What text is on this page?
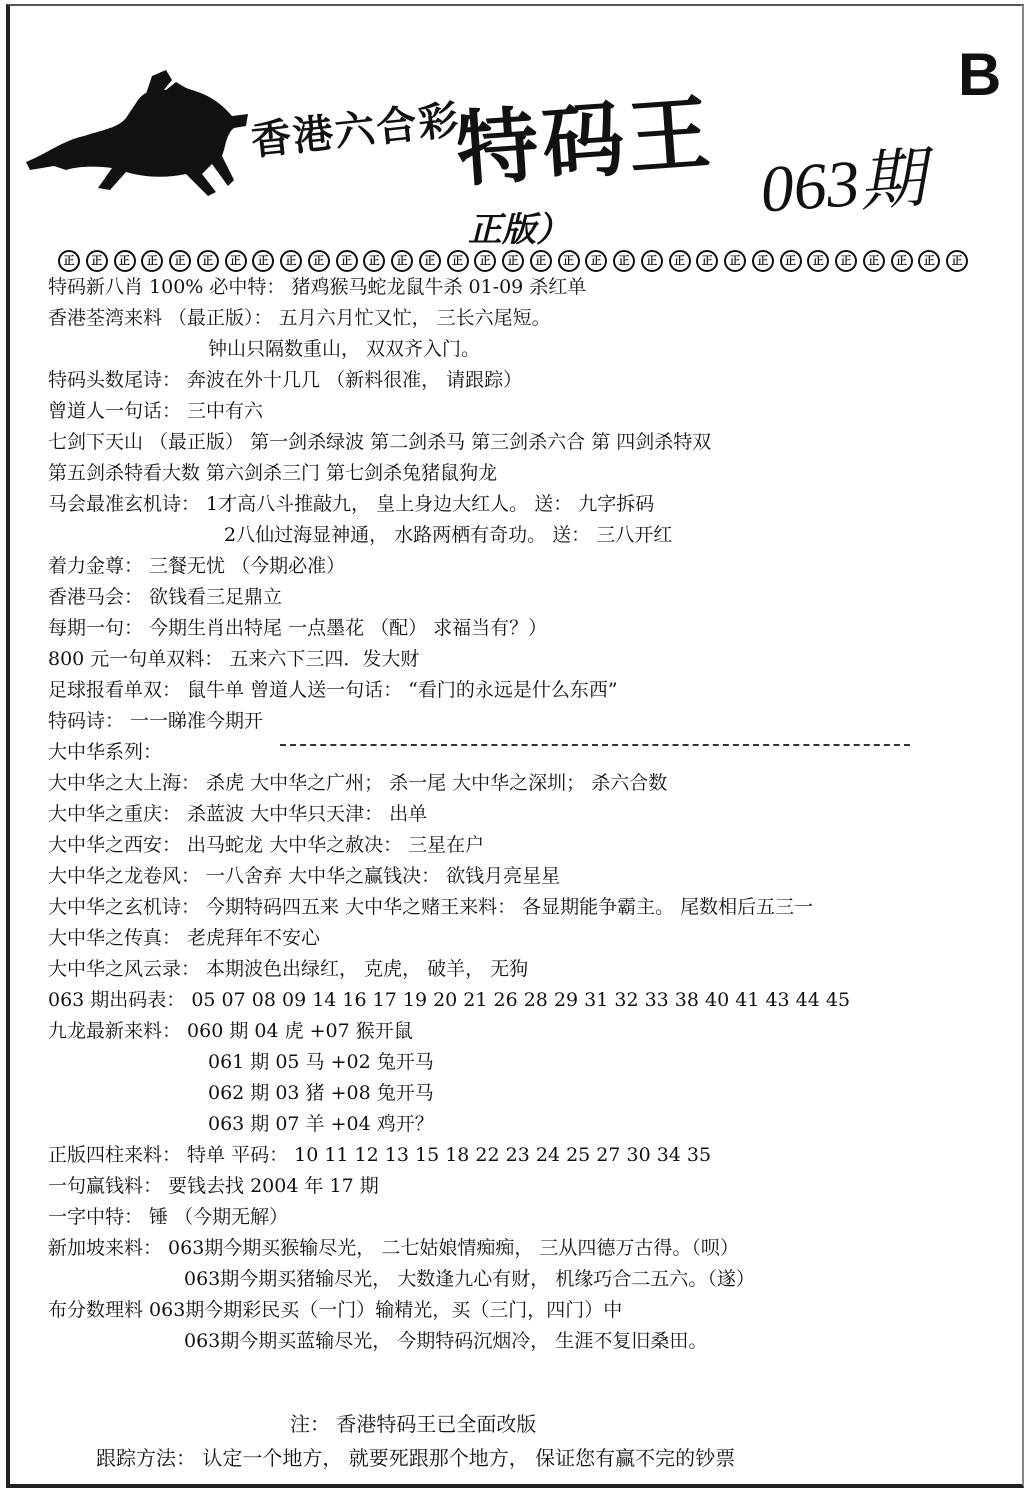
香港六合彩
特码王 063期
B
正版）
正	正	正	正	正	正	正	正	正	正	正	正	正	正	正	正	正	正	正	正	正	正	正	正	正	正	正	正	正	正	正	正	正
特码新八肖 100% 必中特： 猪鸡猴马蛇龙鼠牛杀 01-09 杀红单
香港荃湾来料 （最正版）： 五月六月忙又忙， 三长六尾短。
钟山只隔数重山， 双双齐入门。
特码头数尾诗： 奔波在外十几几 （新料很准， 请跟踪）
曾道人一句话： 三中有六
七剑下天山 （最正版） 第一剑杀绿波 第二剑杀马 第三剑杀六合 第 四剑杀特双
第五剑杀特看大数 第六剑杀三门 第七剑杀兔猪鼠狗龙
马会最准玄机诗： 1才高八斗推敲九， 皇上身边大红人。 送： 九字拆码
2八仙过海显神通， 水路两栖有奇功。 送： 三八开红
着力金尊： 三餐无忧 （今期必准）
香港马会： 欲钱看三足鼎立
每期一句： 今期生肖出特尾 一点墨花 （配） 求福当有？）
800 元一句单双料： 五来六下三四．发大财
足球报看单双： 鼠牛单 曾道人送一句话： “看门的永远是什么东西”
特码诗： 一一睇准今期开
大中华系列：
大中华之大上海： 杀虎 大中华之广州； 杀一尾 大中华之深圳； 杀六合数
大中华之重庆： 杀蓝波 大中华只天津： 出单
大中华之西安： 出马蛇龙 大中华之赦决： 三星在户
大中华之龙卷风： 一八舍弃 大中华之赢钱决： 欲钱月亮星星
大中华之玄机诗： 今期特码四五来 大中华之赌王来料： 各显期能争霸主。 尾数相后五三一
大中华之传真： 老虎拜年不安心
大中华之风云录： 本期波色出绿红， 克虎， 破羊， 无狗
063 期出码表： 05 07 08 09 14 16 17 19 20 21 26 28 29 31 32 33 38 40 41 43 44 45
九龙最新来料： 060 期 04 虎 +07 猴开鼠
061 期 05 马 +02 兔开马
062 期 03 猪 +08 兔开马
063 期 07 羊 +04 鸡开？
正版四柱来料： 特单 平码： 10 11 12 13 15 18 22 23 24 25 27 30 34 35
一句赢钱料： 要钱去找 2004 年 17 期
一字中特： 锤 （今期无解）
新加坡来料： 063期今期买猴输尽光， 二七姑娘情痴痴， 三从四德万古得。（呗）
063期今期买猪输尽光， 大数逢九心有财， 机缘巧合二五六。（遂）
布分数理料 063期今期彩民买（一门）输精光，买（三门，四门）中
063期今期买蓝输尽光， 今期特码沉烟冷， 生涯不复旧桑田。
注： 香港特码王已全面改版
跟踪方法： 认定一个地方， 就要死跟那个地方， 保证您有赢不完的钞票
